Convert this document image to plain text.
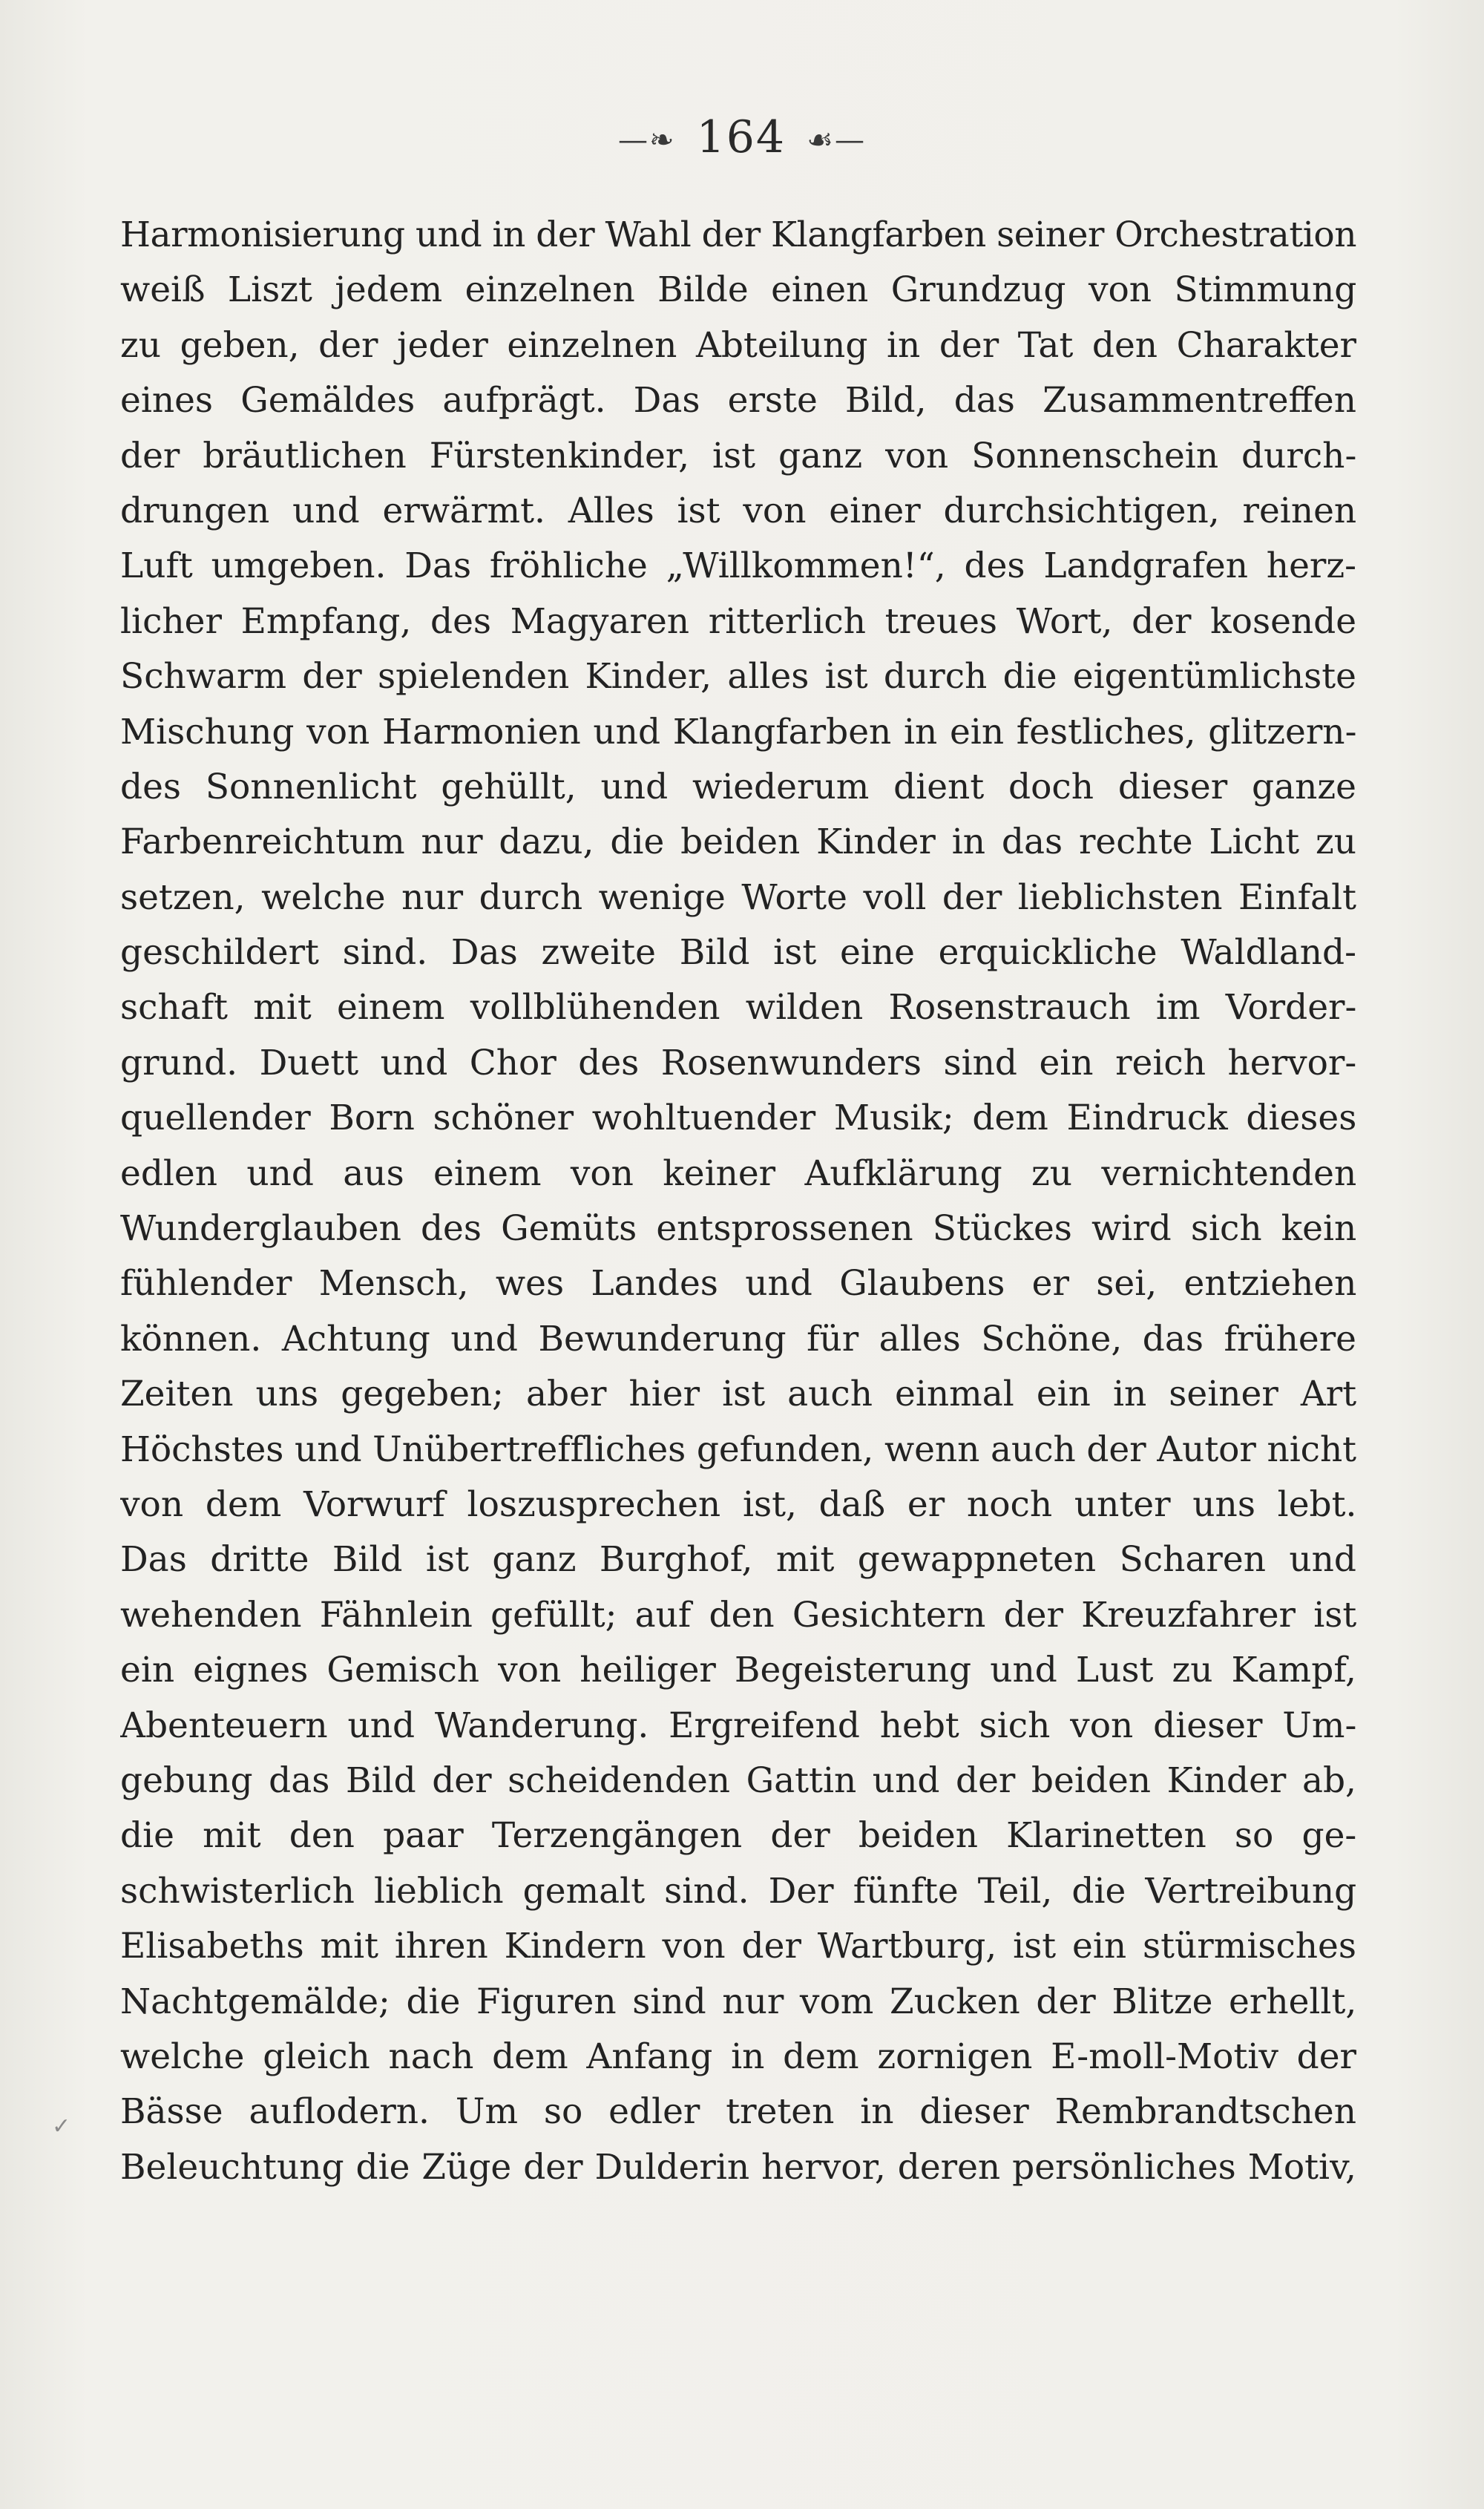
—❧ 164 ☙—
✓
Harmonisierung und in der Wahl der Klangfarben seiner Orchestration
weiß Liszt jedem einzelnen Bilde einen Grundzug von Stimmung
zu geben, der jeder einzelnen Abteilung in der Tat den Charakter
eines Gemäldes aufprägt. Das erste Bild, das Zusammentreffen
der bräutlichen Fürstenkinder, ist ganz von Sonnenschein durch-
drungen und erwärmt. Alles ist von einer durchsichtigen, reinen
Luft umgeben. Das fröhliche „Willkommen!“, des Landgrafen herz-
licher Empfang, des Magyaren ritterlich treues Wort, der kosende
Schwarm der spielenden Kinder, alles ist durch die eigentümlichste
Mischung von Harmonien und Klangfarben in ein festliches, glitzern-
des Sonnenlicht gehüllt, und wiederum dient doch dieser ganze
Farbenreichtum nur dazu, die beiden Kinder in das rechte Licht zu
setzen, welche nur durch wenige Worte voll der lieblichsten Einfalt
geschildert sind. Das zweite Bild ist eine erquickliche Waldland-
schaft mit einem vollblühenden wilden Rosenstrauch im Vorder-
grund. Duett und Chor des Rosenwunders sind ein reich hervor-
quellender Born schöner wohltuender Musik; dem Eindruck dieses
edlen und aus einem von keiner Aufklärung zu vernichtenden
Wunderglauben des Gemüts entsprossenen Stückes wird sich kein
fühlender Mensch, wes Landes und Glaubens er sei, entziehen
können. Achtung und Bewunderung für alles Schöne, das frühere
Zeiten uns gegeben; aber hier ist auch einmal ein in seiner Art
Höchstes und Unübertreffliches gefunden, wenn auch der Autor nicht
von dem Vorwurf loszusprechen ist, daß er noch unter uns lebt.
Das dritte Bild ist ganz Burghof, mit gewappneten Scharen und
wehenden Fähnlein gefüllt; auf den Gesichtern der Kreuzfahrer ist
ein eignes Gemisch von heiliger Begeisterung und Lust zu Kampf,
Abenteuern und Wanderung. Ergreifend hebt sich von dieser Um-
gebung das Bild der scheidenden Gattin und der beiden Kinder ab,
die mit den paar Terzengängen der beiden Klarinetten so ge-
schwisterlich lieblich gemalt sind. Der fünfte Teil, die Vertreibung
Elisabeths mit ihren Kindern von der Wartburg, ist ein stürmisches
Nachtgemälde; die Figuren sind nur vom Zucken der Blitze erhellt,
welche gleich nach dem Anfang in dem zornigen E-moll-Motiv der
Bässe auflodern. Um so edler treten in dieser Rembrandtschen
Beleuchtung die Züge der Dulderin hervor, deren persönliches Motiv,
